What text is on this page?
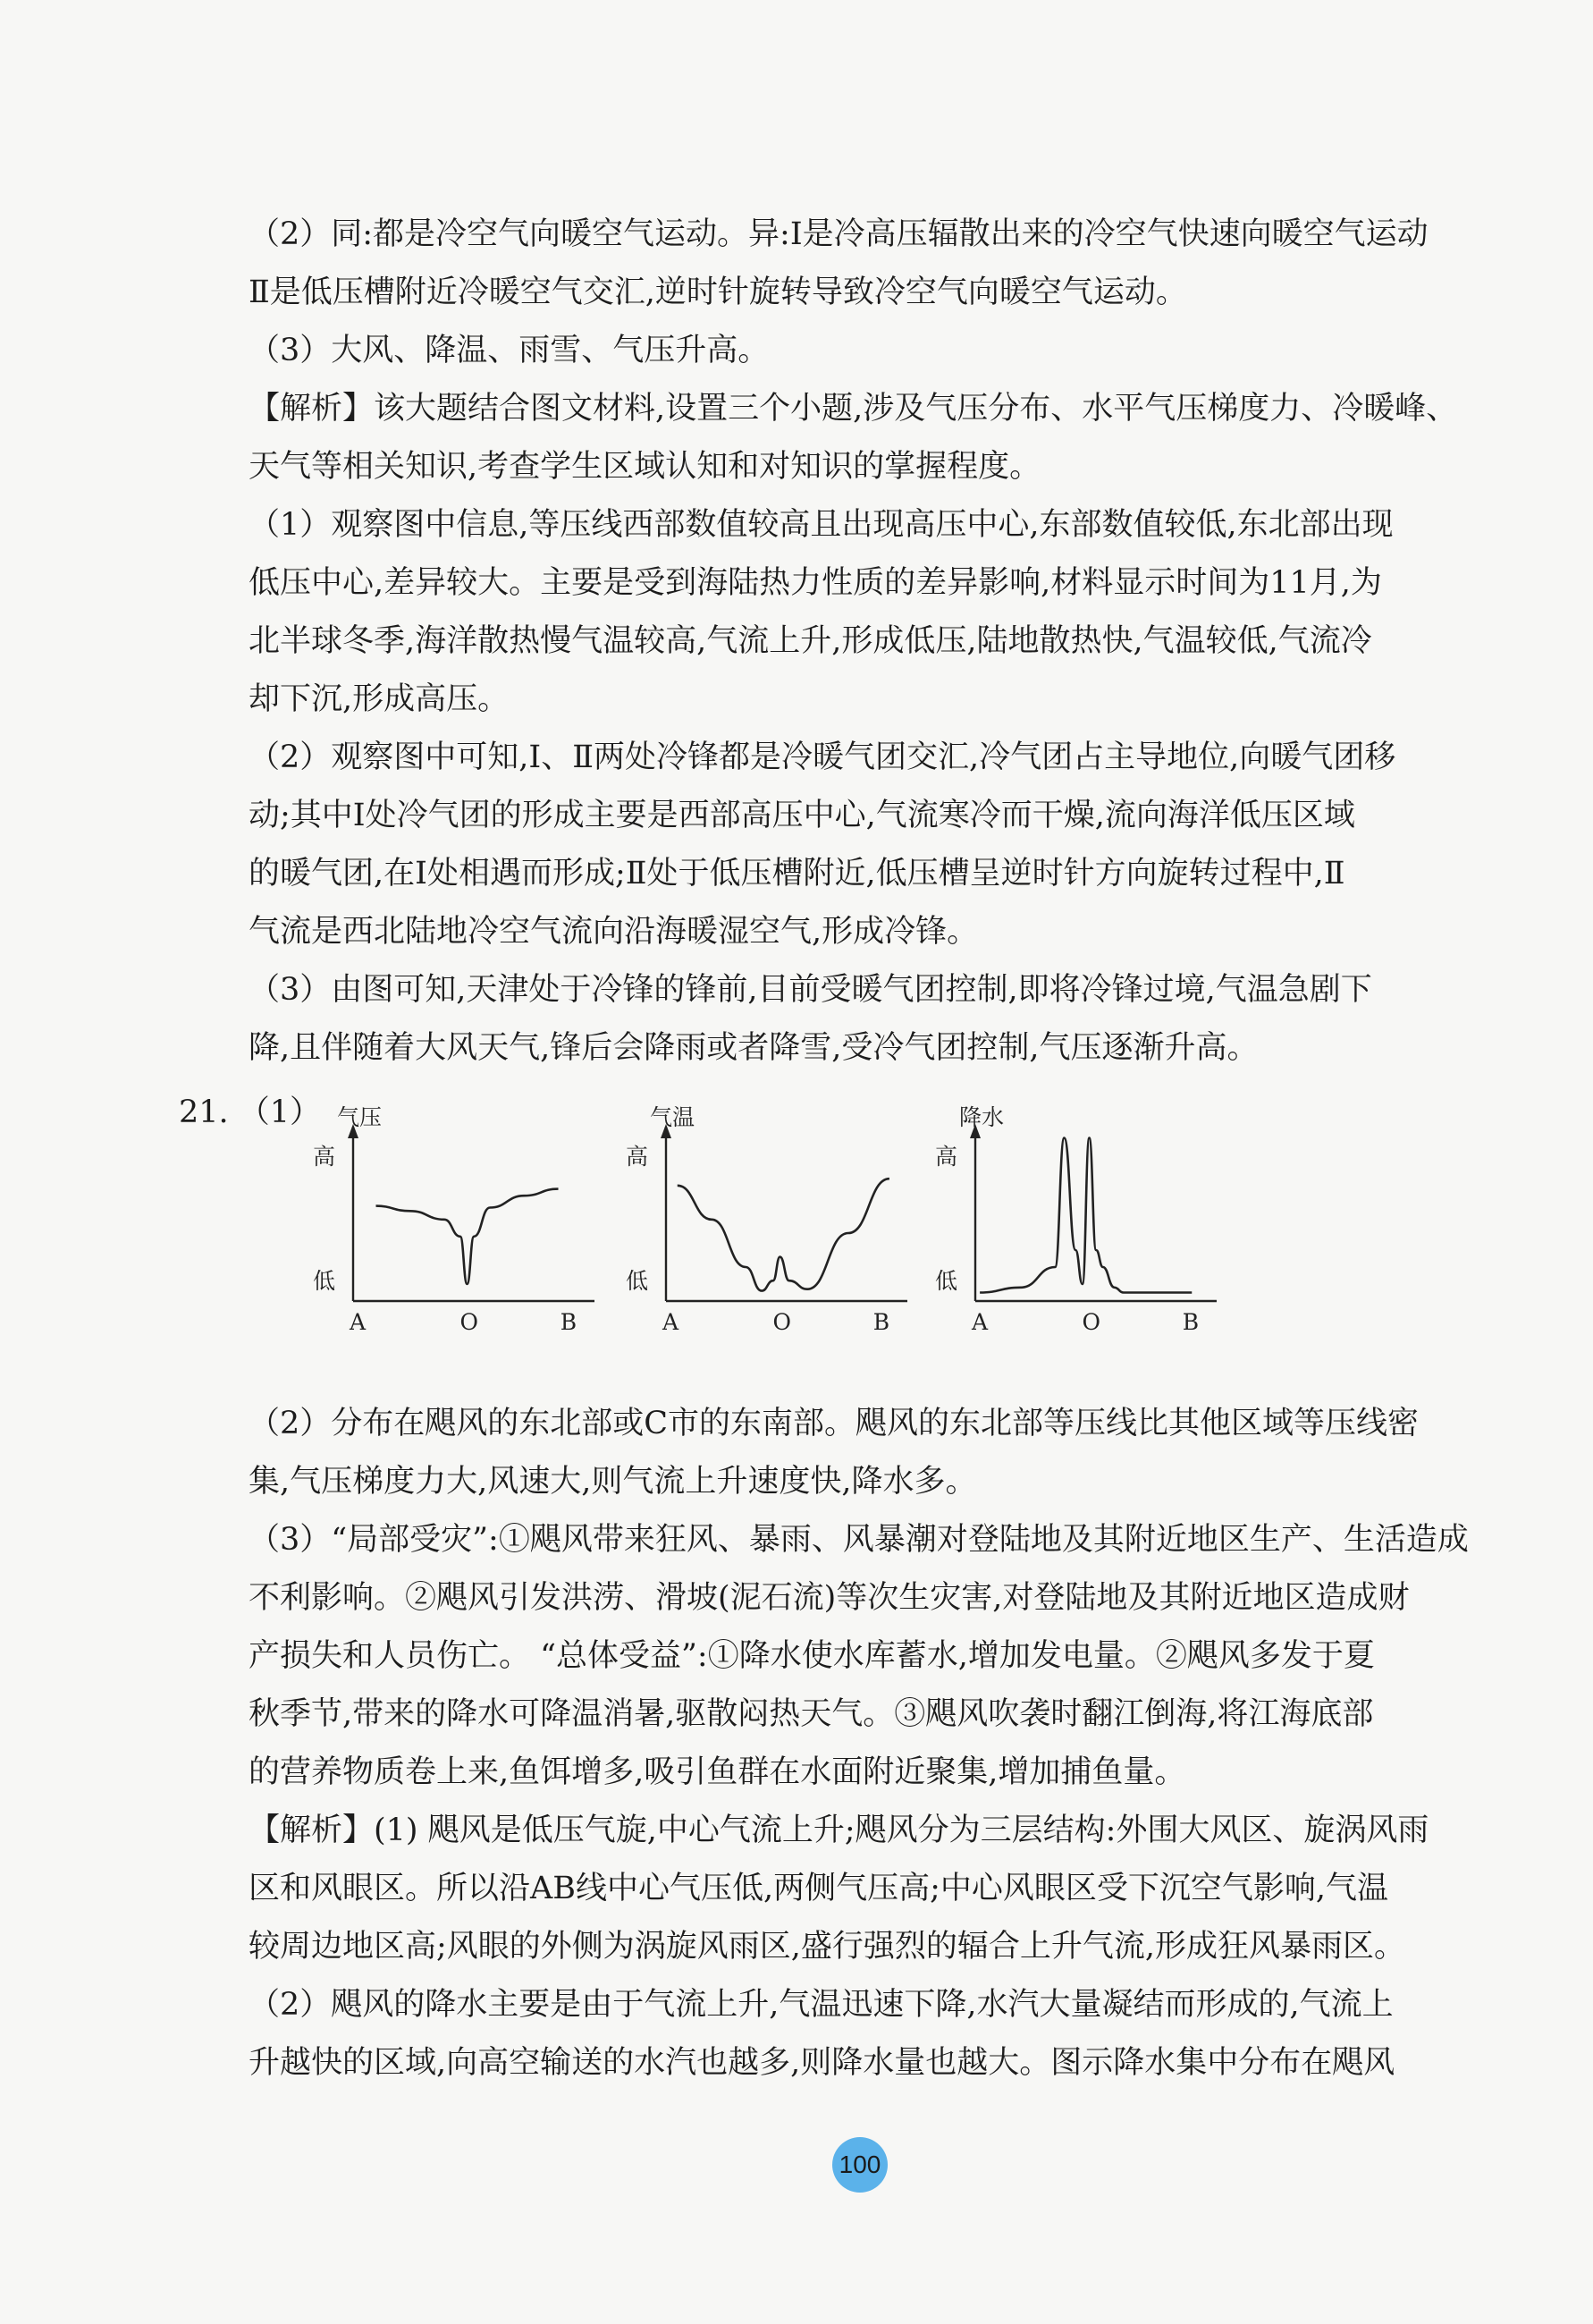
（2）同:都是冷空气向暖空气运动。异:Ⅰ是冷高压辐散出来的冷空气快速向暖空气运动
Ⅱ是低压槽附近冷暖空气交汇,逆时针旋转导致冷空气向暖空气运动。
（3）大风、降温、雨雪、气压升高。
【解析】该大题结合图文材料,设置三个小题,涉及气压分布、水平气压梯度力、冷暖峰、
天气等相关知识,考查学生区域认知和对知识的掌握程度。
（1）观察图中信息,等压线西部数值较高且出现高压中心,东部数值较低,东北部出现
低压中心,差异较大。主要是受到海陆热力性质的差异影响,材料显示时间为11月,为
北半球冬季,海洋散热慢气温较高,气流上升,形成低压,陆地散热快,气温较低,气流冷
却下沉,形成高压。
（2）观察图中可知,Ⅰ、Ⅱ两处冷锋都是冷暖气团交汇,冷气团占主导地位,向暖气团移
动;其中Ⅰ处冷气团的形成主要是西部高压中心,气流寒冷而干燥,流向海洋低压区域
的暖气团,在Ⅰ处相遇而形成;Ⅱ处于低压槽附近,低压槽呈逆时针方向旋转过程中,Ⅱ
气流是西北陆地冷空气流向沿海暖湿空气,形成冷锋。
（3）由图可知,天津处于冷锋的锋前,目前受暖气团控制,即将冷锋过境,气温急剧下
降,且伴随着大风天气,锋后会降雨或者降雪,受冷气团控制,气压逐渐升高。
21. （1） 气压
高
低
A	O	B
气温
高
低
A	O	B
降水
高
低
A	O	B
（2）分布在飓风的东北部或C市的东南部。飓风的东北部等压线比其他区域等压线密
集,气压梯度力大,风速大,则气流上升速度快,降水多。
（3）“局部受灾”:①飓风带来狂风、暴雨、风暴潮对登陆地及其附近地区生产、生活造成
不利影响。②飓风引发洪涝、滑坡(泥石流)等次生灾害,对登陆地及其附近地区造成财
产损失和人员伤亡。 “总体受益”:①降水使水库蓄水,增加发电量。②飓风多发于夏
秋季节,带来的降水可降温消暑,驱散闷热天气。③飓风吹袭时翻江倒海,将江海底部
的营养物质卷上来,鱼饵增多,吸引鱼群在水面附近聚集,增加捕鱼量。
【解析】(1) 飓风是低压气旋,中心气流上升;飓风分为三层结构:外围大风区、旋涡风雨
区和风眼区。所以沿AB线中心气压低,两侧气压高;中心风眼区受下沉空气影响,气温
较周边地区高;风眼的外侧为涡旋风雨区,盛行强烈的辐合上升气流,形成狂风暴雨区。
（2）飓风的降水主要是由于气流上升,气温迅速下降,水汽大量凝结而形成的,气流上
升越快的区域,向高空输送的水汽也越多,则降水量也越大。图示降水集中分布在飓风
100
